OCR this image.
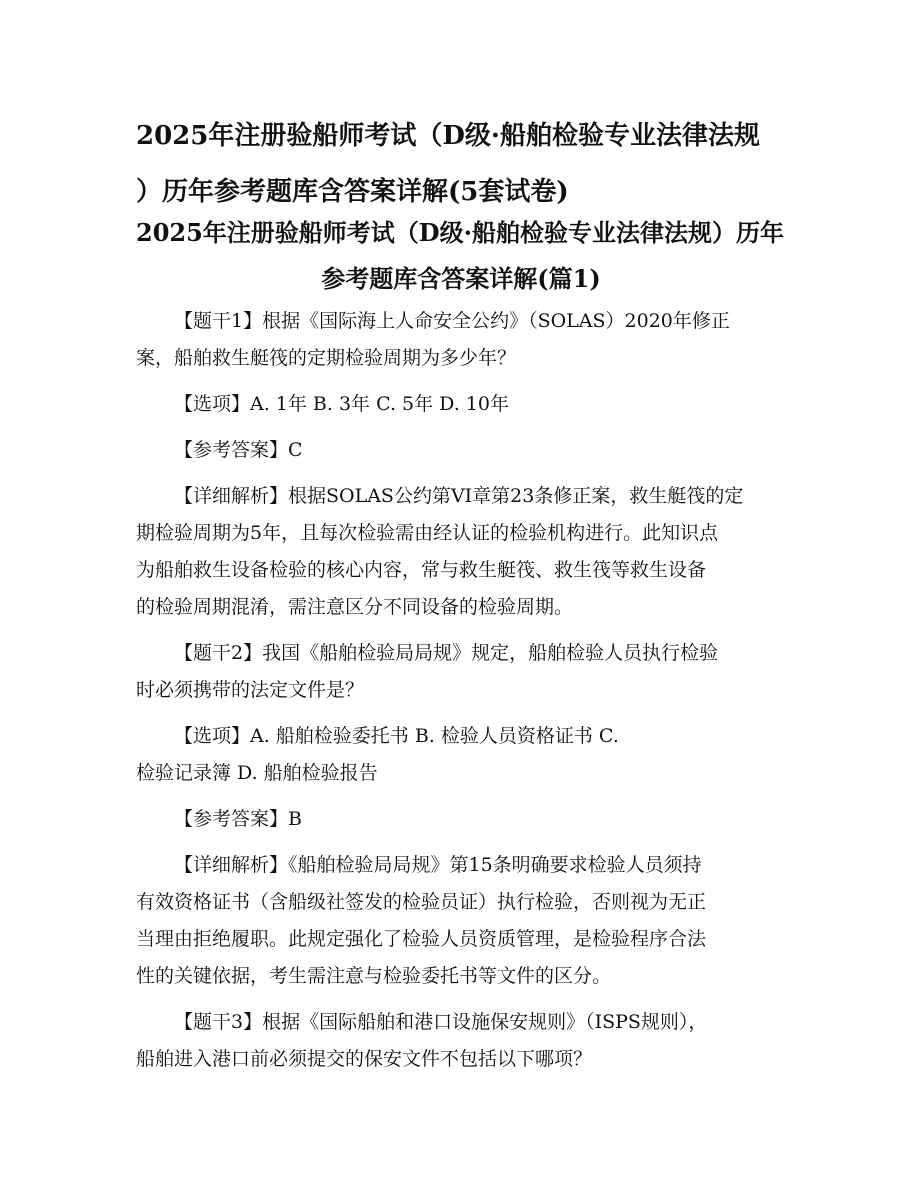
2025年注册验船师考试（D级·船舶检验专业法律法规
）历年参考题库含答案详解(5套试卷)
2025年注册验船师考试（D级·船舶检验专业法律法规）历年
参考题库含答案详解(篇1)

【题干1】根据《国际海上人命安全公约》（SOLAS）2020年修正
案，船舶救生艇筏的定期检验周期为多少年？

【选项】A. 1年 B. 3年 C. 5年 D. 10年

【参考答案】C

【详细解析】根据SOLAS公约第VI章第23条修正案，救生艇筏的定
期检验周期为5年，且每次检验需由经认证的检验机构进行。此知识点
为船舶救生设备检验的核心内容，常与救生艇筏、救生筏等救生设备
的检验周期混淆，需注意区分不同设备的检验周期。

【题干2】我国《船舶检验局局规》规定，船舶检验人员执行检验
时必须携带的法定文件是？

【选项】A. 船舶检验委托书 B. 检验人员资格证书 C.
检验记录簿 D. 船舶检验报告

【参考答案】B

【详细解析】《船舶检验局局规》第15条明确要求检验人员须持
有效资格证书（含船级社签发的检验员证）执行检验，否则视为无正
当理由拒绝履职。此规定强化了检验人员资质管理，是检验程序合法
性的关键依据，考生需注意与检验委托书等文件的区分。

【题干3】根据《国际船舶和港口设施保安规则》（ISPS规则），
船舶进入港口前必须提交的保安文件不包括以下哪项？
